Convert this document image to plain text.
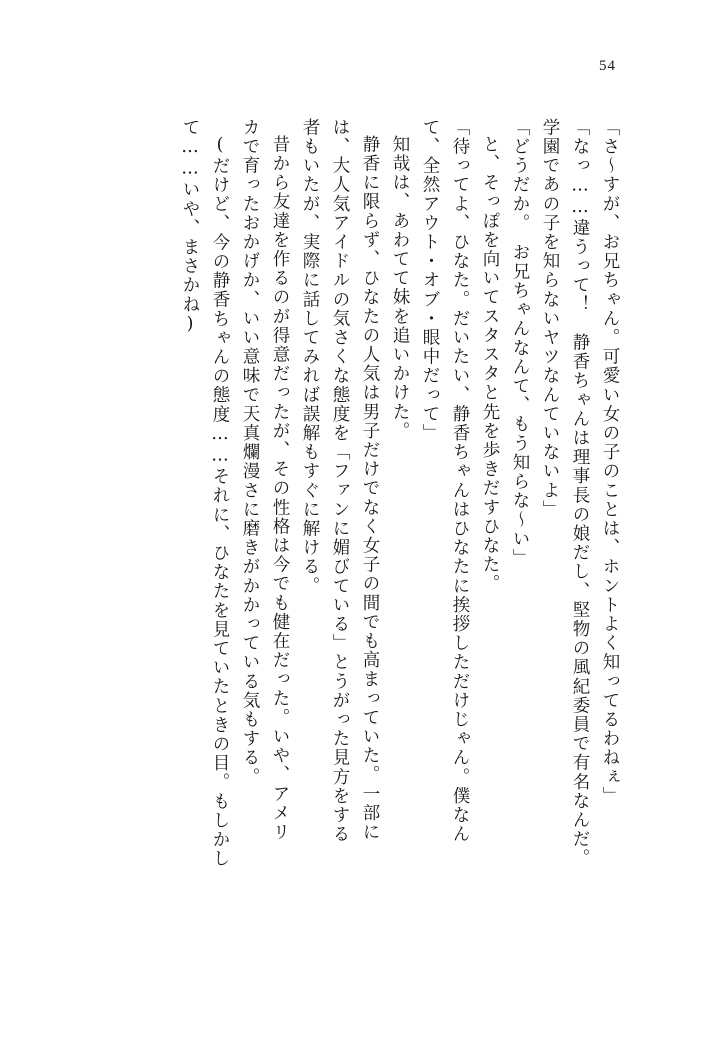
54
「さ～すが、お兄ちゃん。可愛い女の子のことは、ホントよく知ってるわねぇ」
「なっ……違うって！　静香ちゃんは理事長の娘だし、堅物の風紀委員で有名なんだ。
学園であの子を知らないヤツなんていないよ」
「どうだか。　お兄ちゃんなんて、もう知らな～い」
と、そっぽを向いてスタスタと先を歩きだすひなた。
「待ってよ、ひなた。だいたい、静香ちゃんはひなたに挨拶しただけじゃん。僕なん
て、全然アウト・オブ・眼中だって」
知哉は、あわてて妹を追いかけた。
静香に限らず、ひなたの人気は男子だけでなく女子の間でも高まっていた。一部に
は、大人気アイドルの気さくな態度を「ファンに媚びている」とうがった見方をする
者もいたが、実際に話してみれば誤解もすぐに解ける。
昔から友達を作るのが得意だったが、その性格は今でも健在だった。いや、アメリ
カで育ったおかげか、いい意味で天真爛漫さに磨きがかかっている気もする。
(だけど、今の静香ちゃんの態度……それに、ひなたを見ていたときの目。もしかし
て……いや、まさかね)
